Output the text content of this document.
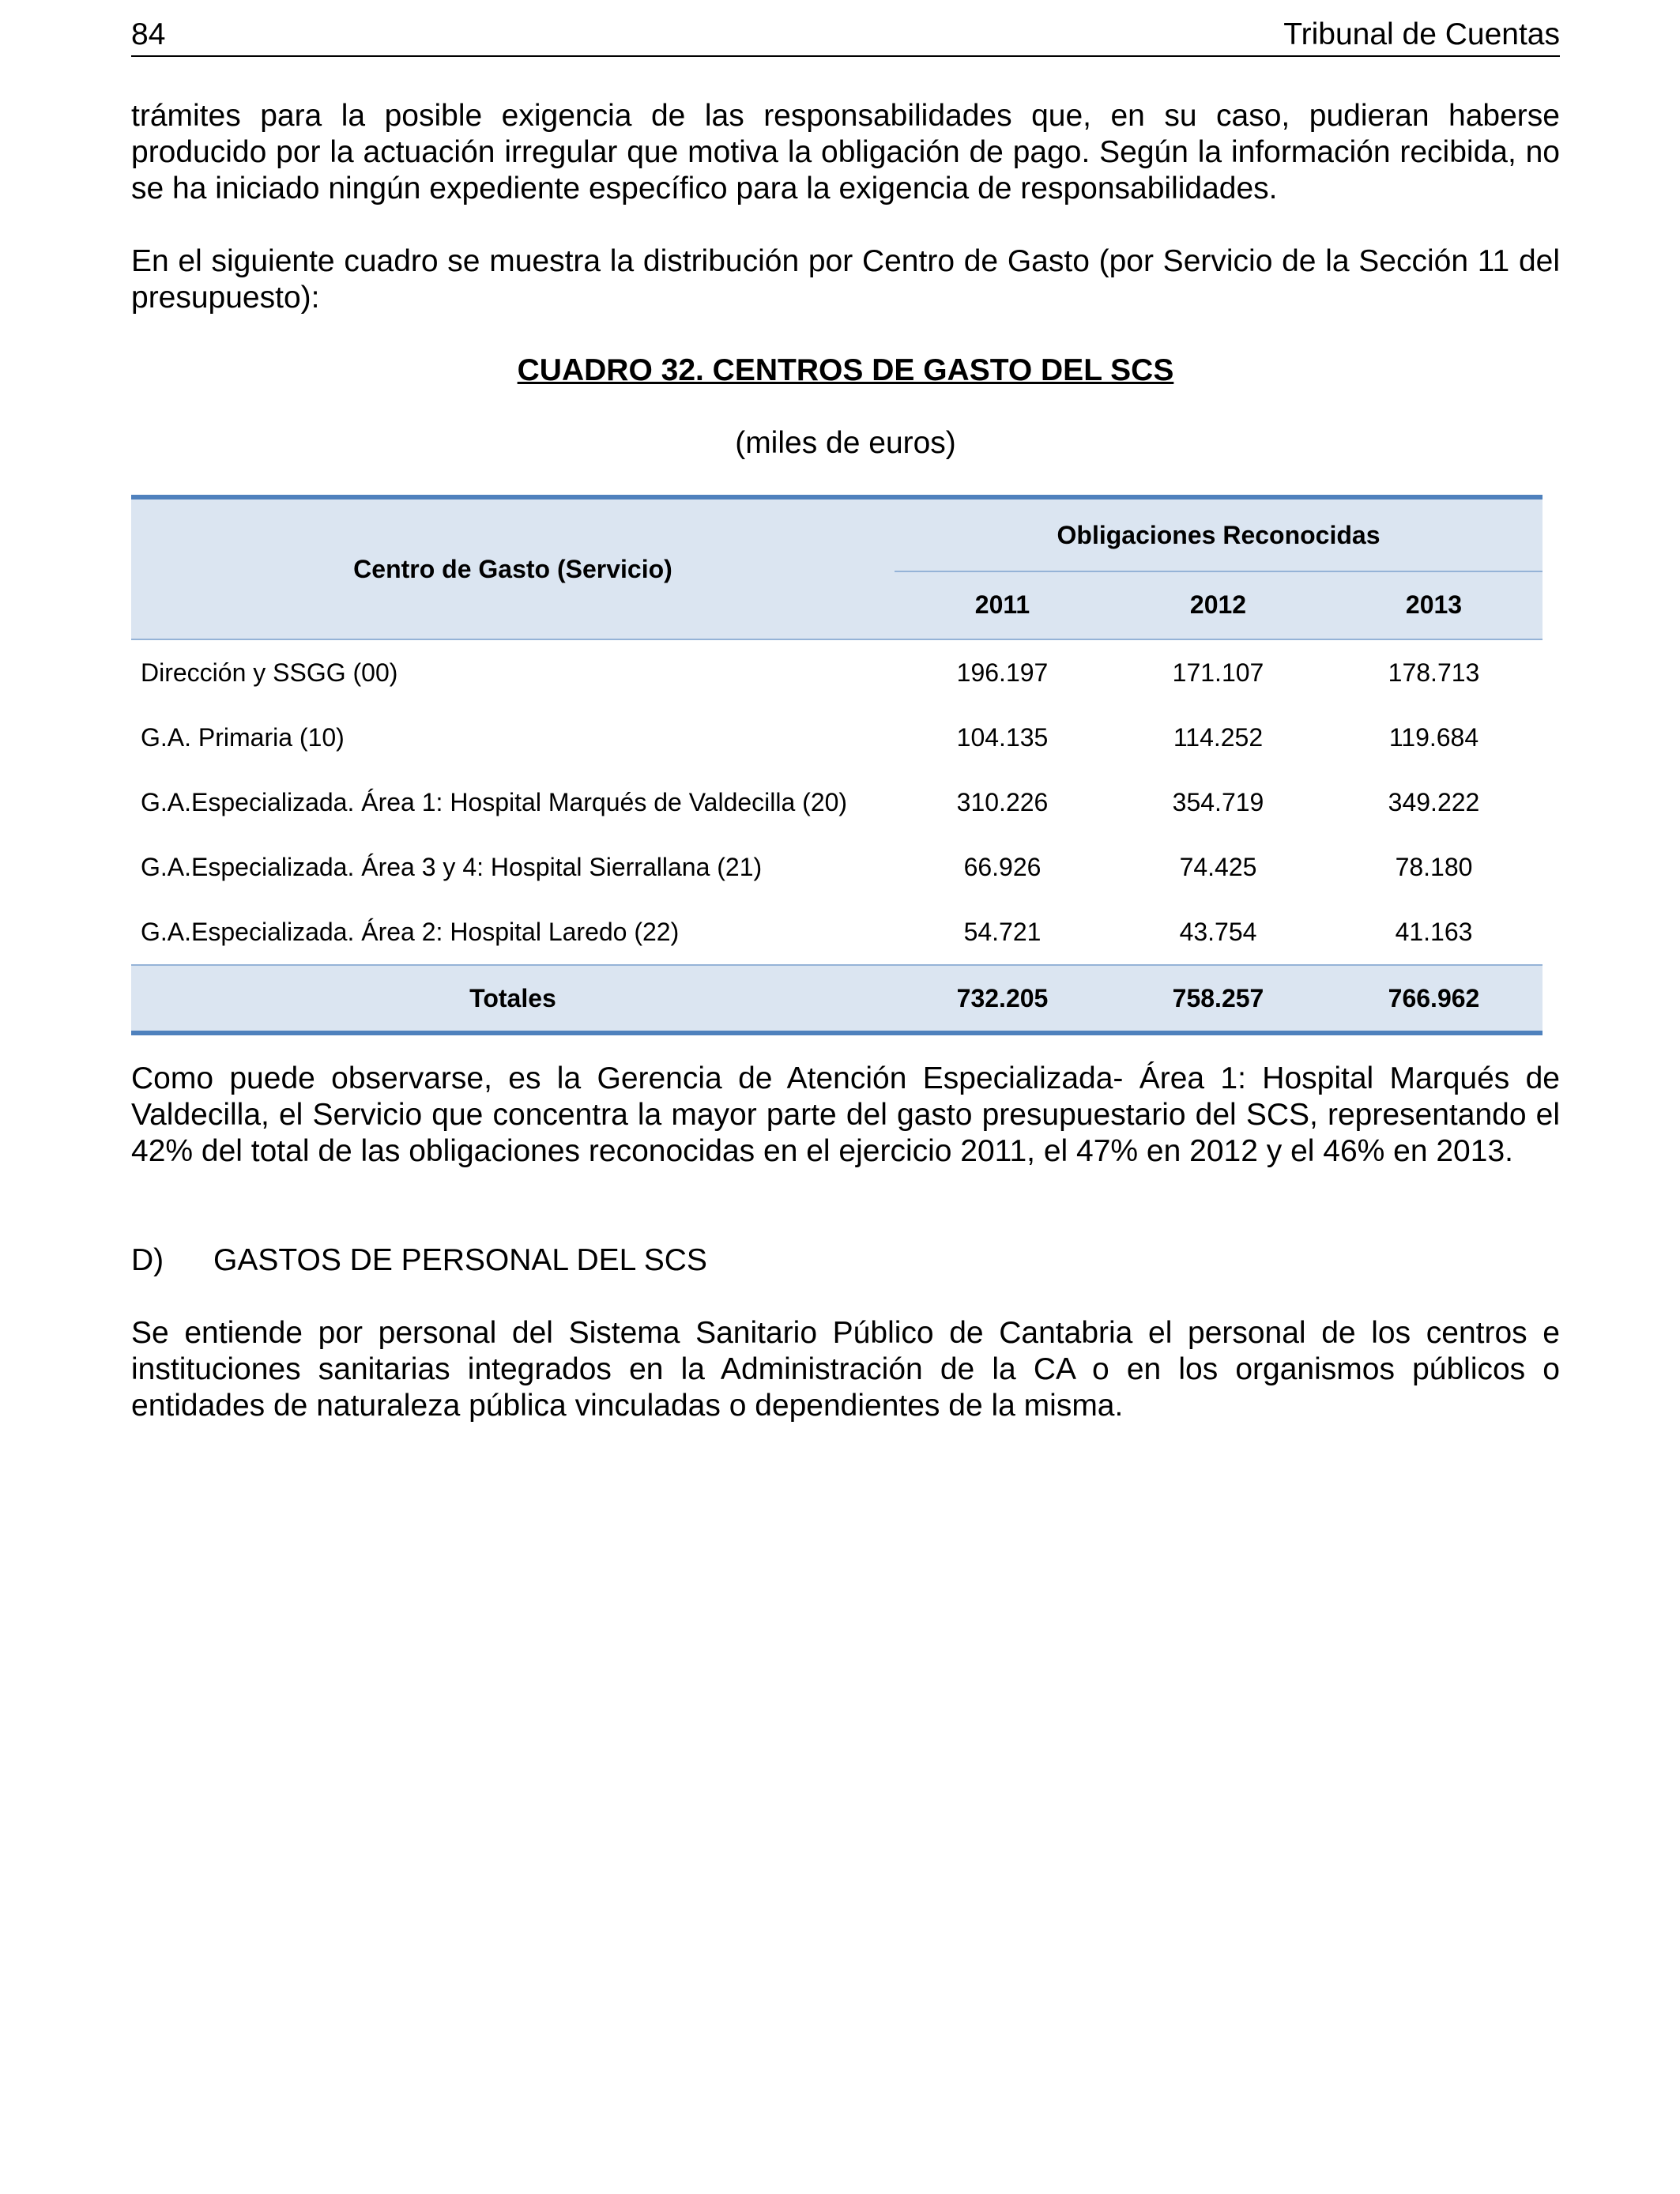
84	Tribunal de Cuentas
trámites para la posible exigencia de las responsabilidades que, en su caso, pudieran haberse producido por la actuación irregular que motiva la obligación de pago. Según la información recibida, no se ha iniciado ningún expediente específico para la exigencia de responsabilidades.
En el siguiente cuadro se muestra la distribución por Centro de Gasto (por Servicio de la Sección 11 del presupuesto):
CUADRO 32. CENTROS DE GASTO DEL SCS
(miles de euros)
Centro de Gasto (Servicio)
Obligaciones Reconocidas
2011	2012	2013
Dirección y SSGG (00)	196.197	171.107	178.713
G.A. Primaria (10)	104.135	114.252	119.684
G.A.Especializada. Área 1: Hospital Marqués de Valdecilla (20)	310.226	354.719	349.222
G.A.Especializada. Área 3 y 4: Hospital Sierrallana (21)	66.926	74.425	78.180
G.A.Especializada. Área 2: Hospital Laredo (22)	54.721	43.754	41.163
Totales	732.205	758.257	766.962
Como puede observarse, es la Gerencia de Atención Especializada- Área 1: Hospital Marqués de Valdecilla, el Servicio que concentra la mayor parte del gasto presupuestario del SCS, representando el 42% del total de las obligaciones reconocidas en el ejercicio 2011, el 47% en 2012 y el 46% en 2013.
D) GASTOS DE PERSONAL DEL SCS
Se entiende por personal del Sistema Sanitario Público de Cantabria el personal de los centros e instituciones sanitarias integrados en la Administración de la CA o en los organismos públicos o entidades de naturaleza pública vinculadas o dependientes de la misma.
